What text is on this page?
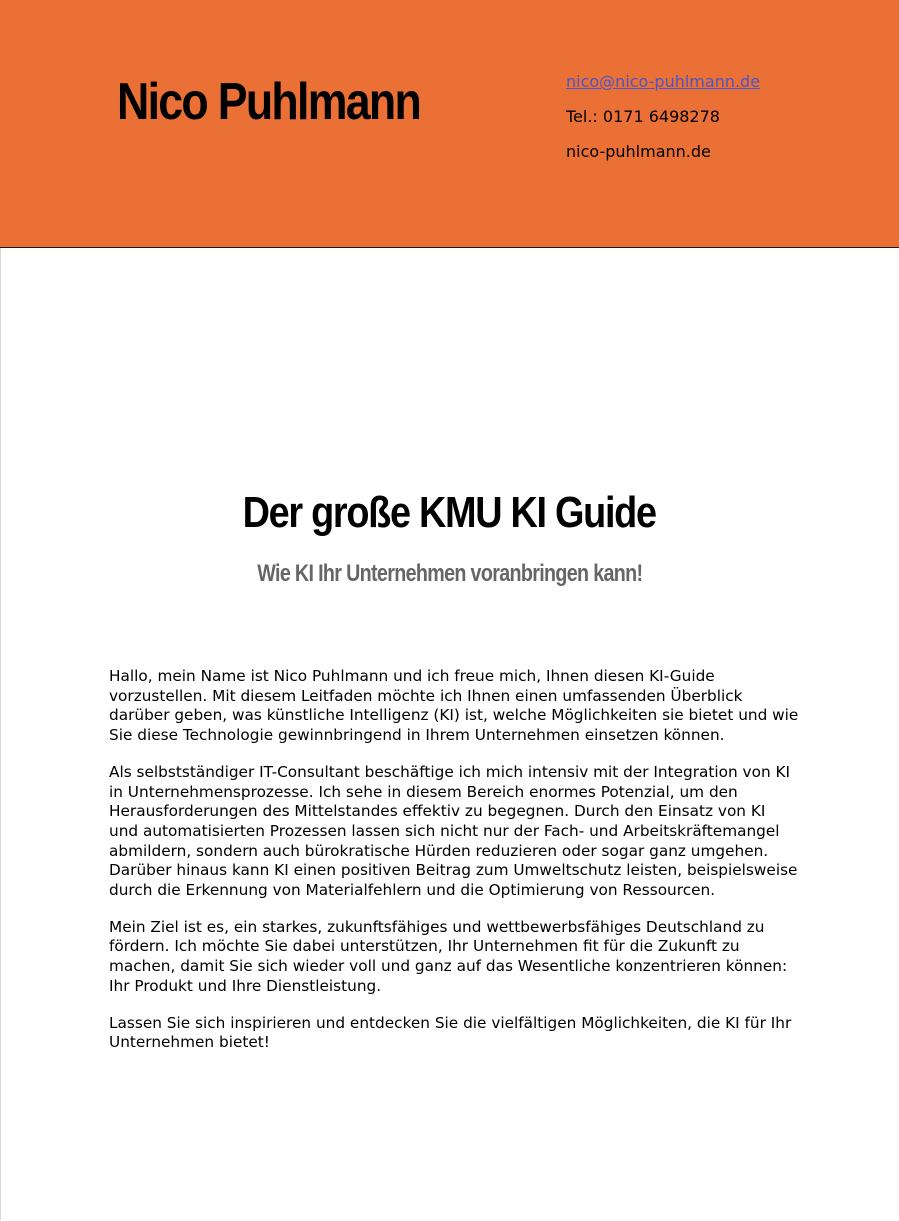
Nico Puhlmann	nico@nico-puhlmann.de
Tel.: 0171 6498278
nico-puhlmann.de
Der große KMU KI Guide
Wie KI Ihr Unternehmen voranbringen kann!

Hallo, mein Name ist Nico Puhlmann und ich freue mich, Ihnen diesen KI-Guide vorzustellen. Mit diesem Leitfaden möchte ich Ihnen einen umfassenden Überblick darüber geben, was künstliche Intelligenz (KI) ist, welche Möglichkeiten sie bietet und wie Sie diese Technologie gewinnbringend in Ihrem Unternehmen einsetzen können.

Als selbstständiger IT-Consultant beschäftige ich mich intensiv mit der Integration von KI in Unternehmensprozesse. Ich sehe in diesem Bereich enormes Potenzial, um den Herausforderungen des Mittelstandes effektiv zu begegnen. Durch den Einsatz von KI und automatisierten Prozessen lassen sich nicht nur der Fach- und Arbeitskräftemangel abmildern, sondern auch bürokratische Hürden reduzieren oder sogar ganz umgehen. Darüber hinaus kann KI einen positiven Beitrag zum Umweltschutz leisten, beispielsweise durch die Erkennung von Materialfehlern und die Optimierung von Ressourcen.

Mein Ziel ist es, ein starkes, zukunftsfähiges und wettbewerbsfähiges Deutschland zu fördern. Ich möchte Sie dabei unterstützen, Ihr Unternehmen fit für die Zukunft zu machen, damit Sie sich wieder voll und ganz auf das Wesentliche konzentrieren können: Ihr Produkt und Ihre Dienstleistung.

Lassen Sie sich inspirieren und entdecken Sie die vielfältigen Möglichkeiten, die KI für Ihr Unternehmen bietet!
